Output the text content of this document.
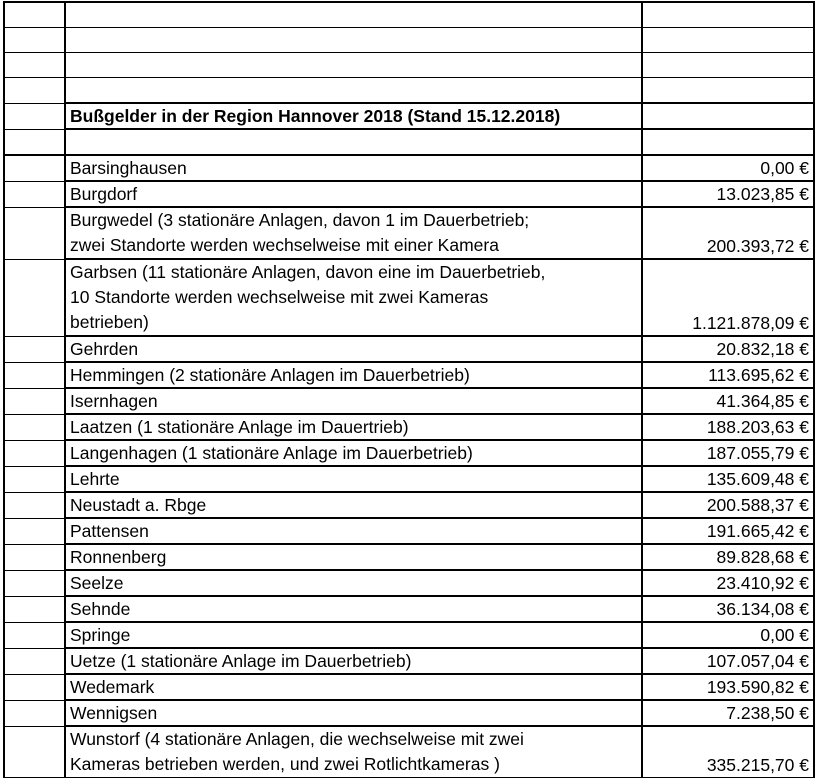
	Bußgelder in der Region Hannover 2018 (Stand 15.12.2018)	

	Barsinghausen	0,00 €
	Burgdorf	13.023,85 €

	Burgwedel (3 stationäre Anlagen, davon 1 im Dauerbetrieb;
zwei Standorte werden wechselweise mit einer Kamera	200.393,72 €

	Garbsen (11 stationäre Anlagen, davon eine im Dauerbetrieb,
10 Standorte werden wechselweise mit zwei Kameras
betrieben)	1.121.878,09 €
	Gehrden	20.832,18 €
	Hemmingen (2 stationäre Anlagen im Dauerbetrieb)	113.695,62 €
	Isernhagen	41.364,85 €
	Laatzen (1 stationäre Anlage im Dauertrieb)	188.203,63 €
	Langenhagen (1 stationäre Anlage im Dauerbetrieb)	187.055,79 €
	Lehrte	135.609,48 €
	Neustadt a. Rbge	200.588,37 €
	Pattensen	191.665,42 €
	Ronnenberg	89.828,68 €
	Seelze	23.410,92 €
	Sehnde	36.134,08 €
	Springe	0,00 €
	Uetze (1 stationäre Anlage im Dauerbetrieb)	107.057,04 €
	Wedemark	193.590,82 €
	Wennigsen	7.238,50 €

	Wunstorf (4 stationäre Anlagen, die wechselweise mit zwei
Kameras betrieben werden, und zwei Rotlichtkameras )	335.215,70 €
